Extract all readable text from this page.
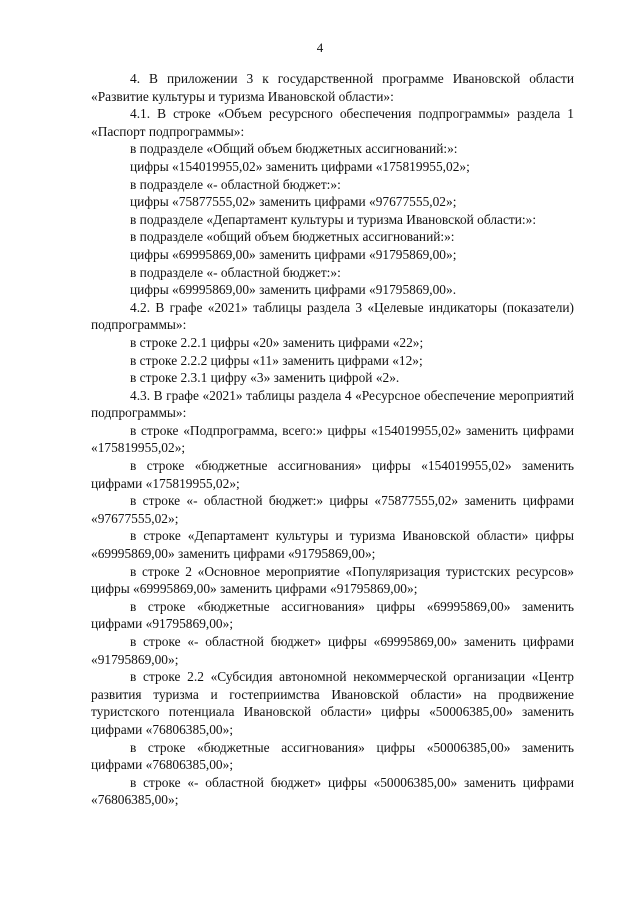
4

4. В приложении 3 к государственной программе Ивановской области «Развитие культуры и туризма Ивановской области»:

4.1. В строке «Объем ресурсного обеспечения подпрограммы» раздела 1 «Паспорт подпрограммы»:

в подразделе «Общий объем бюджетных ассигнований:»:

цифры «154019955,02» заменить цифрами «175819955,02»;

в подразделе «- областной бюджет:»:

цифры «75877555,02» заменить цифрами «97677555,02»;

в подразделе «Департамент культуры и туризма Ивановской области:»:

в подразделе «общий объем бюджетных ассигнований:»:

цифры «69995869,00» заменить цифрами «91795869,00»;

в подразделе «- областной бюджет:»:

цифры «69995869,00» заменить цифрами «91795869,00».

4.2. В графе «2021» таблицы раздела 3 «Целевые индикаторы (показатели) подпрограммы»:

в строке 2.2.1 цифры «20» заменить цифрами «22»;

в строке 2.2.2 цифры «11» заменить цифрами «12»;

в строке 2.3.1 цифру «3» заменить цифрой «2».

4.3. В графе «2021» таблицы раздела 4 «Ресурсное обеспечение мероприятий подпрограммы»:

в строке «Подпрограмма, всего:» цифры «154019955,02» заменить цифрами «175819955,02»;

в строке «бюджетные ассигнования» цифры «154019955,02» заменить цифрами «175819955,02»;

в строке «- областной бюджет:» цифры «75877555,02» заменить цифрами «97677555,02»;

в строке «Департамент культуры и туризма Ивановской области» цифры «69995869,00» заменить цифрами «91795869,00»;

в строке 2 «Основное мероприятие «Популяризация туристских ресурсов» цифры «69995869,00» заменить цифрами «91795869,00»;

в строке «бюджетные ассигнования» цифры «69995869,00» заменить цифрами «91795869,00»;

в строке «- областной бюджет» цифры «69995869,00» заменить цифрами «91795869,00»;

в строке 2.2 «Субсидия автономной некоммерческой организации «Центр развития туризма и гостеприимства Ивановской области» на продвижение туристского потенциала Ивановской области» цифры «50006385,00» заменить цифрами «76806385,00»;

в строке «бюджетные ассигнования» цифры «50006385,00» заменить цифрами «76806385,00»;

в строке «- областной бюджет» цифры «50006385,00» заменить цифрами «76806385,00»;
